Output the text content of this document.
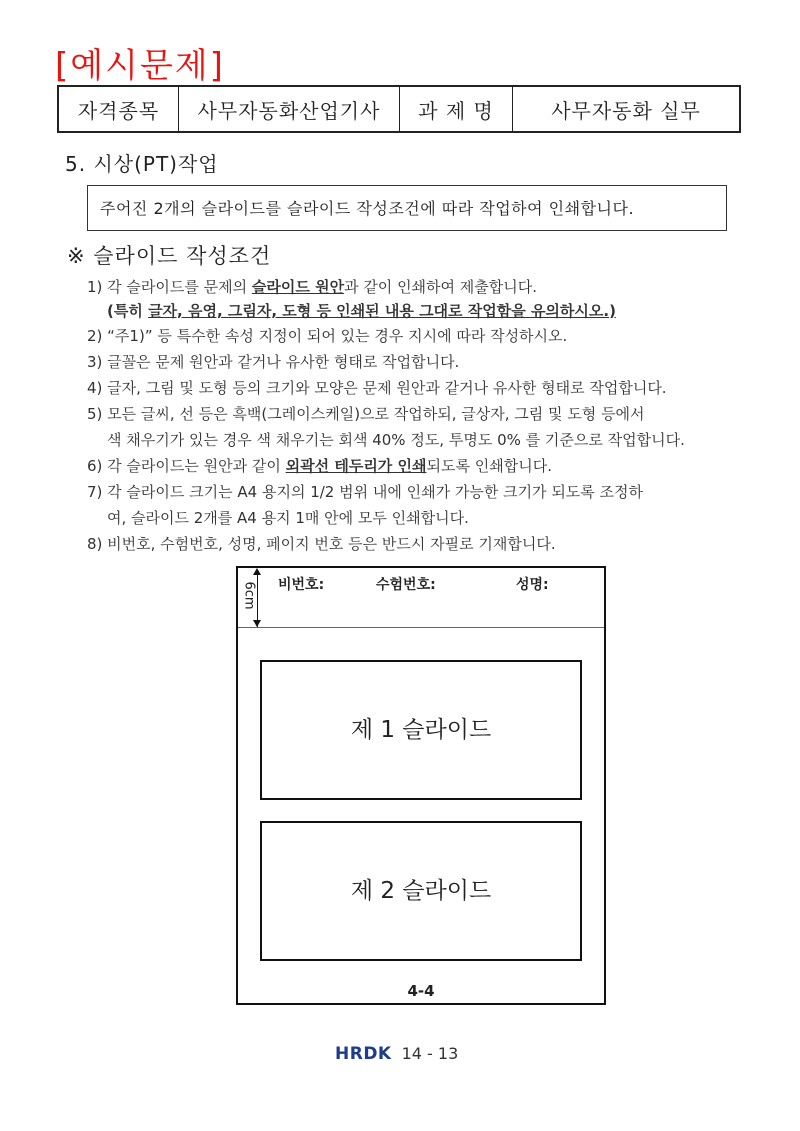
[예시문제]
자격종목	사무자동화산업기사	과 제 명	사무자동화 실무
5. 시상(PT)작업
주어진 2개의 슬라이드를 슬라이드 작성조건에 따라 작업하여 인쇄합니다.
※ 슬라이드 작성조건
1) 각 슬라이드를 문제의 슬라이드 원안과 같이 인쇄하여 제출합니다.
(특히 글자, 음영, 그림자, 도형 등 인쇄된 내용 그대로 작업함을 유의하시오.)
2) “주1)” 등 특수한 속성 지정이 되어 있는 경우 지시에 따라 작성하시오.
3) 글꼴은 문제 원안과 같거나 유사한 형태로 작업합니다.
4) 글자, 그림 및 도형 등의 크기와 모양은 문제 원안과 같거나 유사한 형태로 작업합니다.
5) 모든 글씨, 선 등은 흑백(그레이스케일)으로 작업하되, 글상자, 그림 및 도형 등에서
색 채우기가 있는 경우 색 채우기는 회색 40% 정도, 투명도 0% 를 기준으로 작업합니다.
6) 각 슬라이드는 원안과 같이 외곽선 테두리가 인쇄되도록 인쇄합니다.
7) 각 슬라이드 크기는 A4 용지의 1/2 범위 내에 인쇄가 가능한 크기가 되도록 조정하
여, 슬라이드 2개를 A4 용지 1매 안에 모두 인쇄합니다.
8) 비번호, 수험번호, 성명, 페이지 번호 등은 반드시 자필로 기재합니다.
6cm 비번호:	수험번호:	성명:
제 1 슬라이드
제 2 슬라이드
4-4
HRDK 14 - 13
